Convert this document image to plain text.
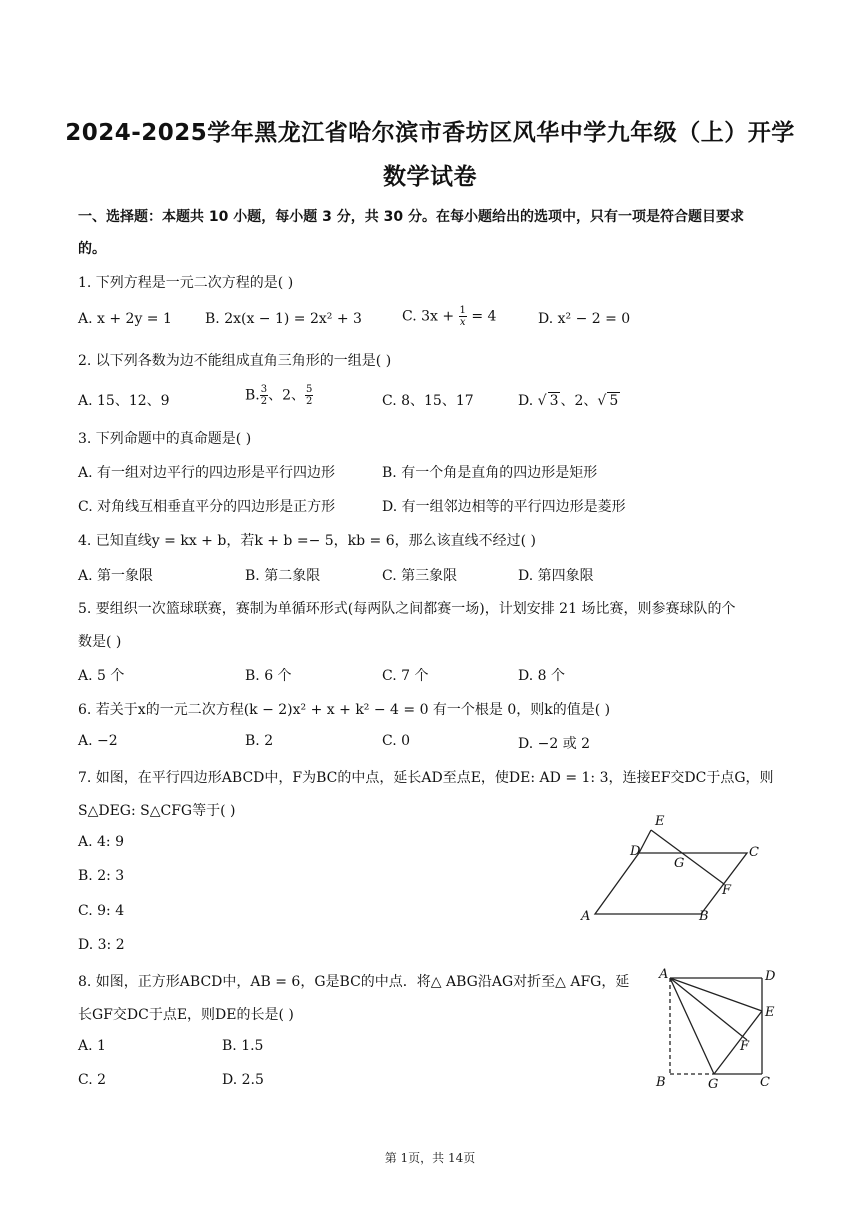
2024-2025学年黑龙江省哈尔滨市香坊区风华中学九年级（上）开学
数学试卷
一、选择题：本题共 10 小题，每小题 3 分，共 30 分。在每小题给出的选项中，只有一项是符合题目要求
的。
1. 下列方程是一元二次方程的是( )
A. x + 2y = 1 B. 2x(x − 1) = 2x² + 3	C. $3x + \frac{1}{x} = 4$	D. x² − 2 = 0
2. 以下列各数为边不能组成直角三角形的一组是( )
A. 15、12、9	B. $\frac{3}{2}$ 、2、 $\frac{5}{2}$	C. 8、15、17	D. √ 3 、2、√ 5
3. 下列命题中的真命题是( )
A. 有一组对边平行的四边形是平行四边形	B. 有一个角是直角的四边形是矩形
C. 对角线互相垂直平分的四边形是正方形	D. 有一组邻边相等的平行四边形是菱形
4. 已知直线y = kx + b，若k + b =− 5，kb = 6，那么该直线不经过( )
A. 第一象限	B. 第二象限	C. 第三象限	D. 第四象限
5. 要组织一次篮球联赛，赛制为单循环形式(每两队之间都赛一场)，计划安排 21 场比赛，则参赛球队的个
数是( )
A. 5 个	B. 6 个	C. 7 个	D. 8 个
6. 若关于x的一元二次方程(k − 2)x² + x + k² − 4 = 0 有一个根是 0，则k的值是( )
A. −2	B. 2	C. 0	D. −2 或 2
7. 如图，在平行四边形ABCD中，F为BC的中点，延长AD至点E，使DE: AD = 1: 3，连接EF交DC于点G，则
S△DEG: S△CFG等于( )
A. 4: 9
B. 2: 3
C. 9: 4
D. 3: 2
E
D
G
C
F
A	B
8. 如图，正方形ABCD中，AB = 6，G是BC的中点．将△ ABG沿AG对折至△ AFG，延
长GF交DC于点E，则DE的长是( )
A. 1	B. 1.5
C. 2	D. 2.5
A	D
E
F
B	G	C
第 1页，共 14页
